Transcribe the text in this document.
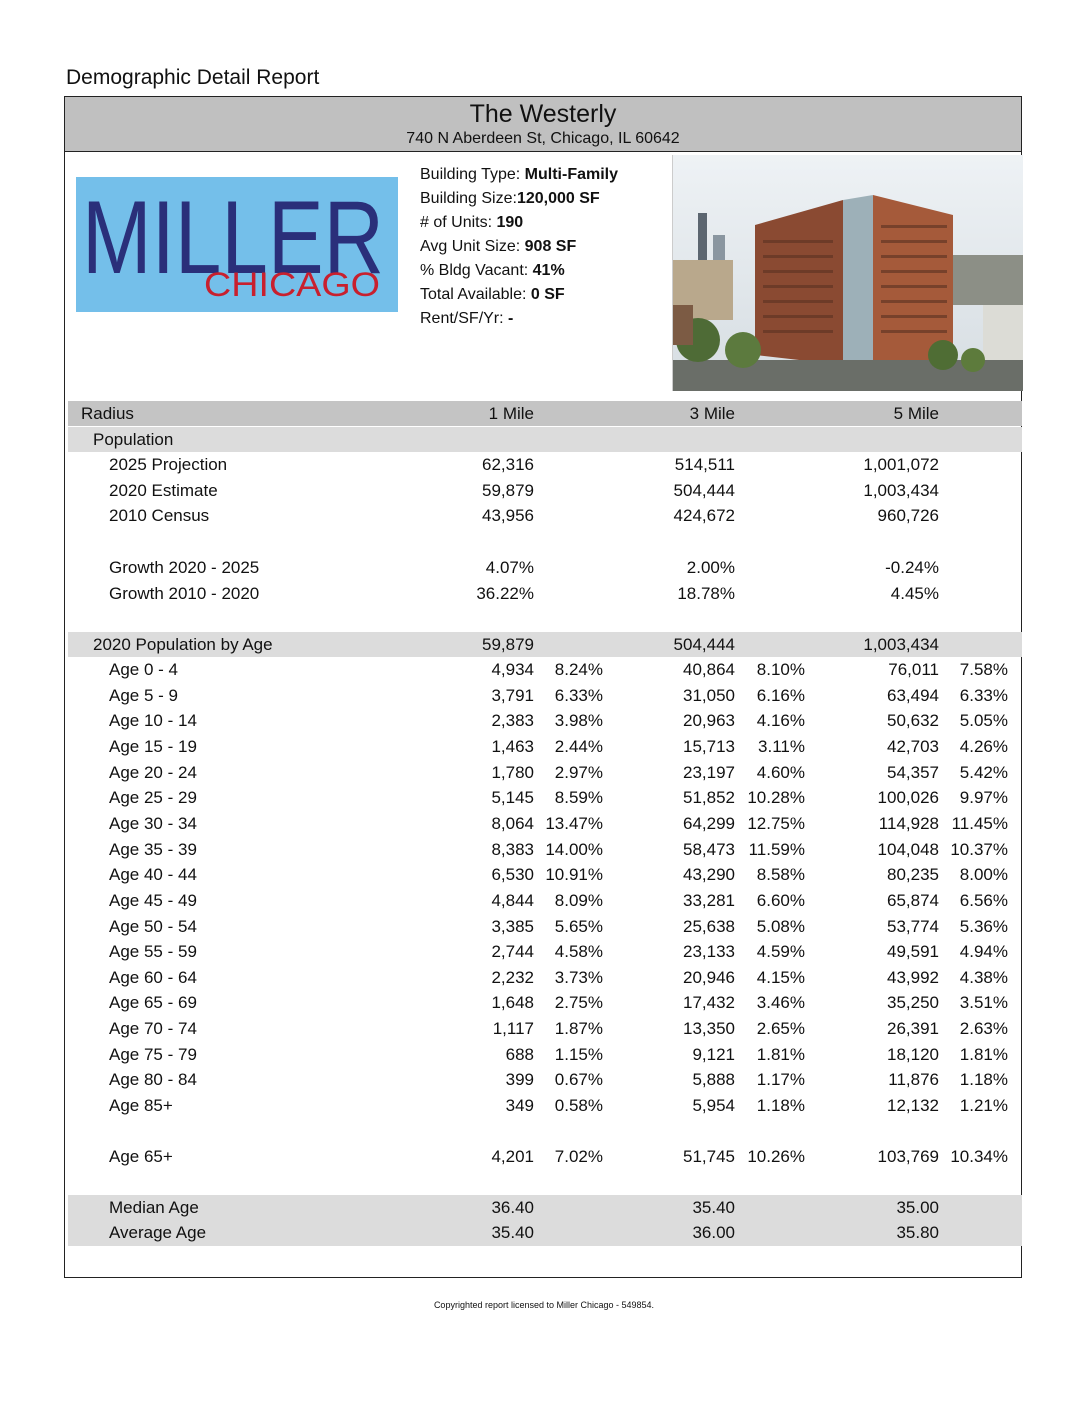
Demographic Detail Report
The Westerly
740 N Aberdeen St, Chicago, IL 60642
MILLER
CHICAGO
Building Type: Multi-Family
Building Size:120,000 SF
# of Units: 190
Avg Unit Size: 908 SF
% Bldg Vacant: 41%
Total Available: 0 SF
Rent/SF/Yr: -
Radius	1 Mile	3 Mile	5 Mile
Population
2025 Projection	62,316	514,511	1,001,072
2020 Estimate	59,879	504,444	1,003,434
2010 Census	43,956	424,672	960,726
Growth 2020 - 2025	4.07%	2.00%	-0.24%
Growth 2010 - 2020	36.22%	18.78%	4.45%
2020 Population by Age	59,879	504,444	1,003,434
Age 0 - 4	4,934 8.24%	40,864 8.10%	76,011 7.58%
Age 5 - 9	3,791 6.33%	31,050 6.16%	63,494 6.33%
Age 10 - 14	2,383 3.98%	20,963 4.16%	50,632 5.05%
Age 15 - 19	1,463 2.44%	15,713 3.11%	42,703 4.26%
Age 20 - 24	1,780 2.97%	23,197 4.60%	54,357 5.42%
Age 25 - 29	5,145 8.59%	51,852 10.28%	100,026 9.97%
Age 30 - 34	8,064 13.47%	64,299 12.75%	114,928 11.45%
Age 35 - 39	8,383 14.00%	58,473 11.59%	104,048 10.37%
Age 40 - 44	6,530 10.91%	43,290 8.58%	80,235 8.00%
Age 45 - 49	4,844 8.09%	33,281 6.60%	65,874 6.56%
Age 50 - 54	3,385 5.65%	25,638 5.08%	53,774 5.36%
Age 55 - 59	2,744 4.58%	23,133 4.59%	49,591 4.94%
Age 60 - 64	2,232 3.73%	20,946 4.15%	43,992 4.38%
Age 65 - 69	1,648 2.75%	17,432 3.46%	35,250 3.51%
Age 70 - 74	1,117 1.87%	13,350 2.65%	26,391 2.63%
Age 75 - 79	688 1.15%	9,121 1.81%	18,120 1.81%
Age 80 - 84	399 0.67%	5,888 1.17%	11,876 1.18%
Age 85+	349 0.58%	5,954 1.18%	12,132 1.21%
Age 65+	4,201 7.02%	51,745 10.26%	103,769 10.34%
Median Age	36.40	35.40	35.00
Average Age	35.40	36.00	35.80
Copyrighted report licensed to Miller Chicago - 549854.
